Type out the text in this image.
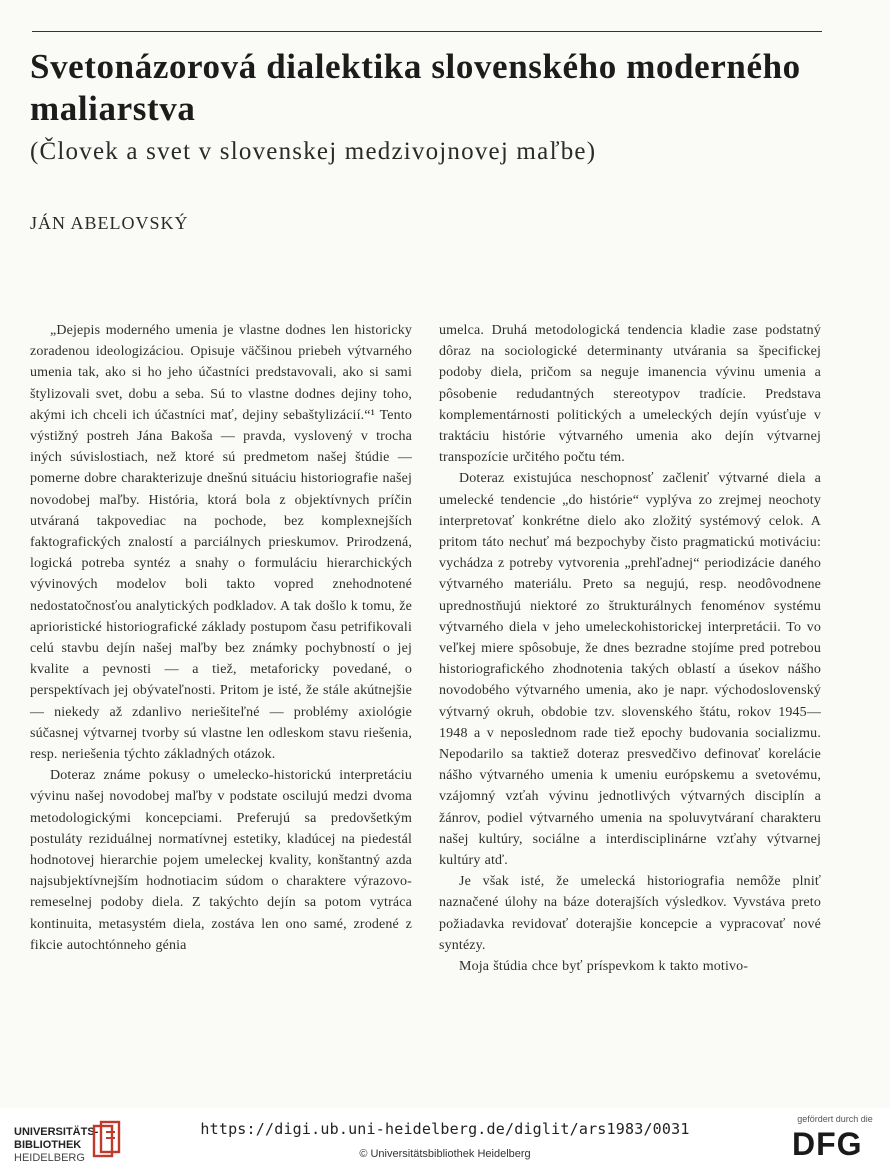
Svetonázorová dialektika slovenského moderného maliarstva
(Človek a svet v slovenskej medzivojnovej maľbe)
JÁN ABELOVSKÝ

„Dejepis moderného umenia je vlastne dodnes len historicky zoradenou ideologizáciou. Opisuje väčšinou priebeh výtvarného umenia tak, ako si ho jeho účastníci predstavovali, ako si sami štylizovali svet, dobu a seba. Sú to vlastne dodnes dejiny toho, akými ich chceli ich účastníci mať, dejiny sebaštylizácií.“¹ Tento výstižný postreh Jána Bakoša — pravda, vyslovený v trocha iných súvislostiach, než ktoré sú predmetom našej štúdie — pomerne dobre charakterizuje dnešnú situáciu historiografie našej novodobej maľby. História, ktorá bola z objektívnych príčin utváraná takpovediac na pochode, bez komplexnejších faktografických znalostí a parciálnych prieskumov. Prirodzená, logická potreba syntéz a snahy o formuláciu hierarchických vývinových modelov boli takto vopred znehodnotené nedostatočnosťou analytických podkladov. A tak došlo k tomu, že aprioristické historiografické základy postupom času petrifikovali celú stavbu dejín našej maľby bez známky pochybností o jej kvalite a pevnosti — a tiež, metaforicky povedané, o perspektívach jej obývateľnosti. Pritom je isté, že stále akútnejšie — niekedy až zdanlivo neriešiteľné — problémy axiológie súčasnej výtvarnej tvorby sú vlastne len odleskom stavu riešenia, resp. neriešenia týchto základných otázok.

Doteraz známe pokusy o umelecko-historickú interpretáciu vývinu našej novodobej maľby v podstate oscilujú medzi dvoma metodologickými koncepciami. Preferujú sa predovšetkým postuláty reziduálnej normatívnej estetiky, kladúcej na piedestál hodnotovej hierarchie pojem umeleckej kvality, konštantný azda najsubjektívnejším hodnotiacim súdom o charaktere výrazovo-remeselnej podoby diela. Z takýchto dejín sa potom vytráca kontinuita, metasystém diela, zostáva len ono samé, zrodené z fikcie autochtónneho génia

umelca. Druhá metodologická tendencia kladie zase podstatný dôraz na sociologické determinanty utvárania sa špecifickej podoby diela, pričom sa neguje imanencia vývinu umenia a pôsobenie redudantných stereotypov tradície. Predstava komplementárnosti politických a umeleckých dejín vyúsťuje v traktáciu histórie výtvarného umenia ako dejín výtvarnej transpozície určitého počtu tém.

Doteraz existujúca neschopnosť začleniť výtvarné diela a umelecké tendencie „do histórie“ vyplýva zo zrejmej neochoty interpretovať konkrétne dielo ako zložitý systémový celok. A pritom táto nechuť má bezpochyby čisto pragmatickú motiváciu: vychádza z potreby vytvorenia „prehľadnej“ periodizácie daného výtvarného materiálu. Preto sa negujú, resp. neodôvodnene uprednostňujú niektoré zo štrukturálnych fenoménov systému výtvarného diela v jeho umeleckohistorickej interpretácii. To vo veľkej miere spôsobuje, že dnes bezradne stojíme pred potrebou historiografického zhodnotenia takých oblastí a úsekov nášho novodobého výtvarného umenia, ako je napr. východoslovenský výtvarný okruh, obdobie tzv. slovenského štátu, rokov 1945—1948 a v neposlednom rade tiež epochy budovania socializmu. Nepodarilo sa taktiež doteraz presvedčivo definovať korelácie nášho výtvarného umenia k umeniu európskemu a svetovému, vzájomný vzťah vývinu jednotlivých výtvarných disciplín a žánrov, podiel výtvarného umenia na spoluvytváraní charakteru našej kultúry, sociálne a interdisciplinárne vzťahy výtvarnej kultúry atď.

Je však isté, že umelecká historiografia nemôže plniť naznačené úlohy na báze doterajších výsledkov. Vyvstáva preto požiadavka revidovať doterajšie koncepcie a vypracovať nové syntézy.

Moja štúdia chce byť príspevkom k takto motivo-

UNIVERSITÄTS-
BIBLIOTHEK
HEIDELBERG
https://digi.ub.uni-heidelberg.de/diglit/ars1983/0031
© Universitätsbibliothek Heidelberg
gefördert durch die
DFG
